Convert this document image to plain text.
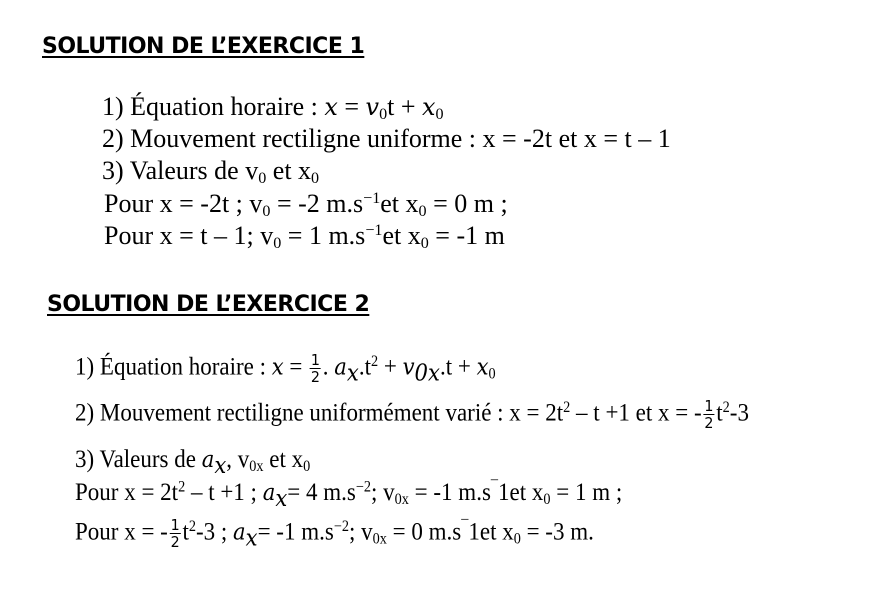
SOLUTION DE L’EXERCICE 1
1) Équation horaire : $x = v_0t + x_0$
2) Mouvement rectiligne uniforme : x = -2t et x = t – 1
3) Valeurs de $v_0$ et $x_0$
Pour x = -2t ; $v_0 = -2$ $m.s^{-1}et$ $x_0 = 0$ m ;
Pour x = t – 1; $v_0 = 1$ $m.s^{-1}et$ $x_0 = -1$ m
SOLUTION DE L’EXERCICE 2
1) Équation horaire : $x = \frac{1}{2}$ . $a_x.t^2 + v_{0x}.t + x_0$
2) Mouvement rectiligne uniformément varié : $x = 2t^2 - t +1$ et x = - $\frac{1}{2} t^2-3$
3) Valeurs de $a_x$, $v_{0x}$ et $x_0$
Pour $x = 2t^2 - t +1$ ; $a_x= 4$ $m.s^{-2}$; $v_{0x} = -1$ m.s¯1et $x_0 = 1$ m ;
Pour x = - $\frac{1}{2} t^2-3$ ; $a_x= -1$ $m.s^{-2}$; $v_{0x} = 0$ m.s¯1et $x_0 = -3$ m.
